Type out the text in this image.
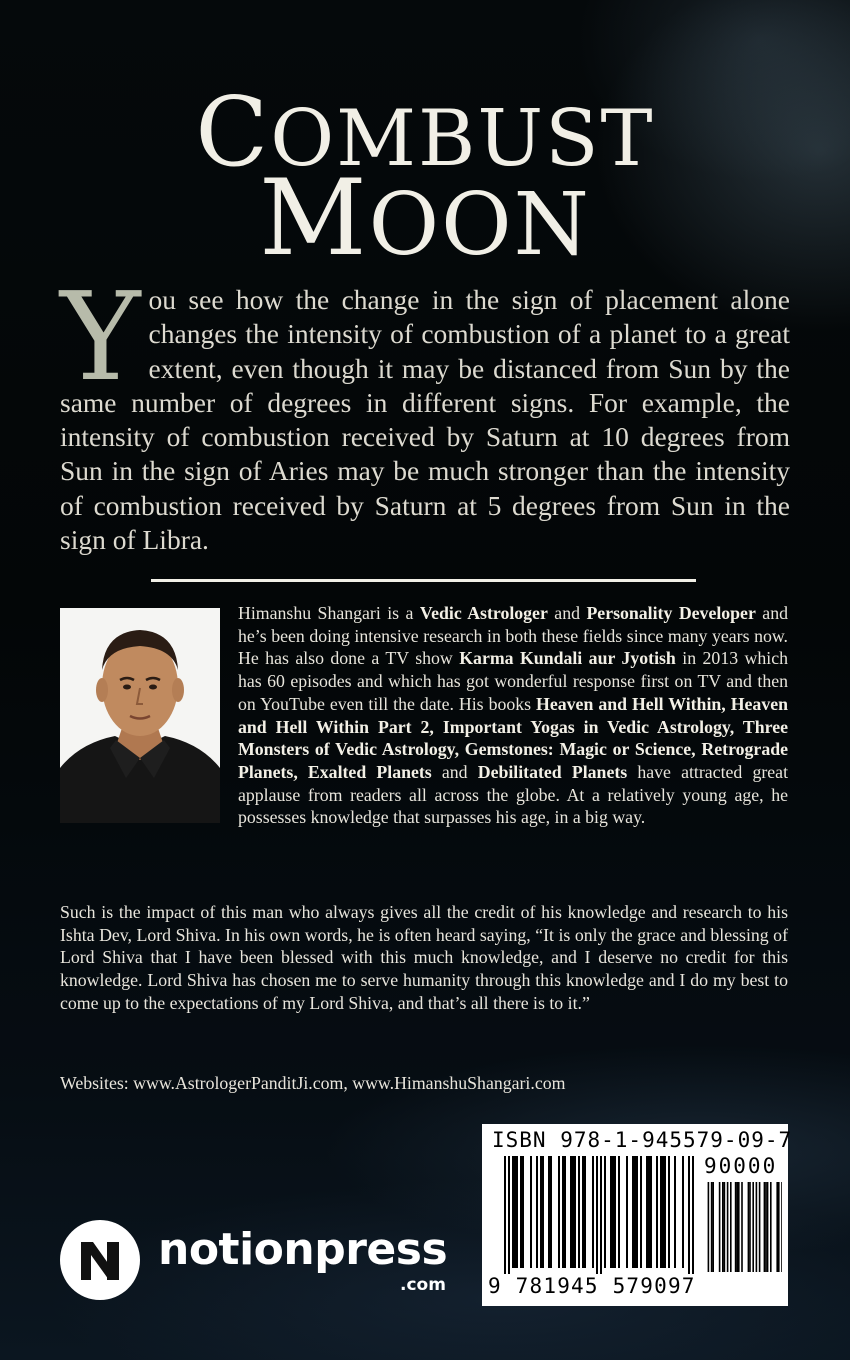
COMBUST
MOON

You see how the change in the sign of placement alone changes the intensity of combustion of a planet to a great extent, even though it may be distanced from Sun by the same number of degrees in different signs. For example, the intensity of combustion received by Saturn at 10 degrees from Sun in the sign of Aries may be much stronger than the intensity of combustion received by Saturn at 5 degrees from Sun in the sign of Libra.

Himanshu Shangari is a Vedic Astrologer and Personality Developer and he’s been doing intensive research in both these fields since many years now. He has also done a TV show Karma Kundali aur Jyotish in 2013 which has 60 episodes and which has got wonderful response first on TV and then on YouTube even till the date. His books Heaven and Hell Within, Heaven and Hell Within Part 2, Important Yogas in Vedic Astrology, Three Monsters of Vedic Astrology, Gemstones: Magic or Science, Retrograde Planets, Exalted Planets and Debilitated Planets have attracted great applause from readers all across the globe. At a relatively young age, he possesses knowledge that surpasses his age, in a big way.

Such is the impact of this man who always gives all the credit of his knowledge and research to his Ishta Dev, Lord Shiva. In his own words, he is often heard saying, “It is only the grace and blessing of Lord Shiva that I have been blessed with this much knowledge, and I deserve no credit for this knowledge. Lord Shiva has chosen me to serve humanity through this knowledge and I do my best to come up to the expectations of my Lord Shiva, and that’s all there is to it.”

Websites: www.AstrologerPanditJi.com, www.HimanshuShangari.com

notionpress
.com
ISBN 978-1-945579-09-7
90000
9 781945 579097
